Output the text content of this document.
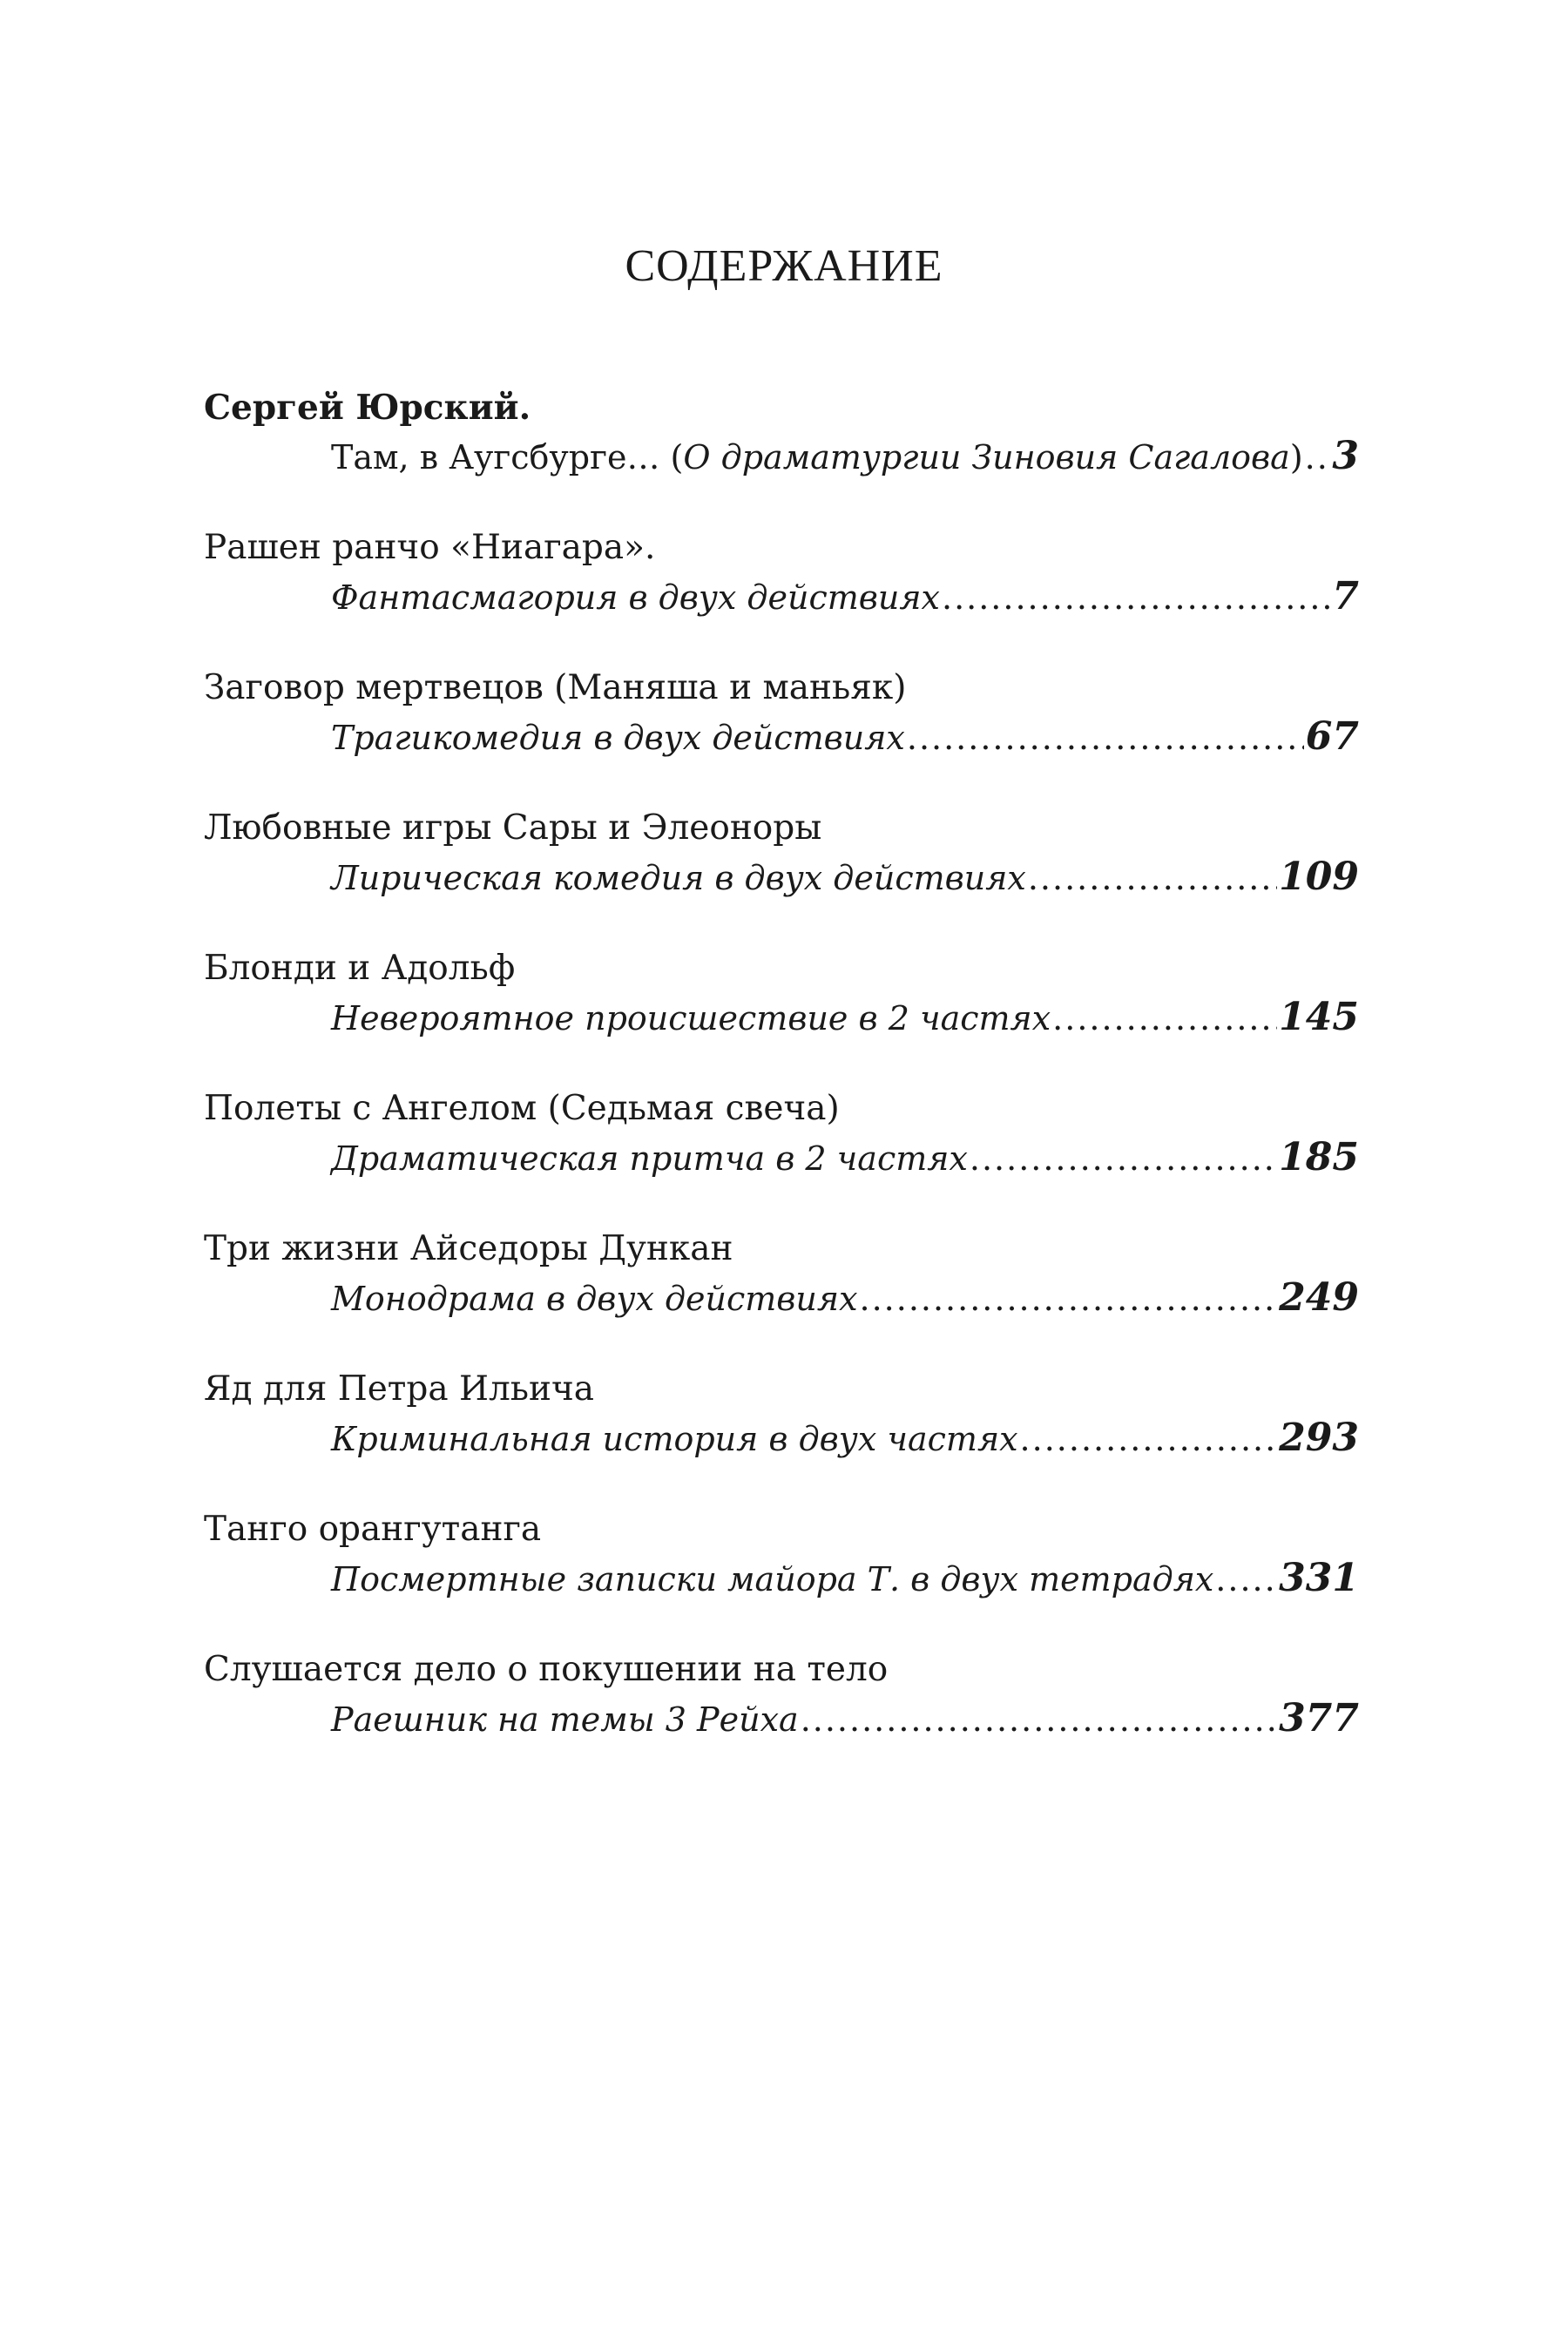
СОДЕРЖАНИЕ
Сергей Юрский.
Там, в Аугсбурге… (О драматургии Зиновия Сагалова) ..... 3
Рашен ранчо «Ниагара».
Фантасмагория в двух действиях .....	7
Заговор мертвецов (Маняша и маньяк)
Трагикомедия в двух действиях .....	67
Любовные игры Сары и Элеоноры
Лирическая комедия в двух действиях .....	109
Блонди и Адольф
Невероятное происшествие в 2 частях .....	145
Полеты с Ангелом (Седьмая свеча)
Драматическая притча в 2 частях .....	185
Три жизни Айседоры Дункан
Монодрама в двух действиях .....	249
Яд для Петра Ильича
Криминальная история в двух частях .....	293
Танго орангутанга
Посмертные записки майора Т. в двух тетрадях ..... 331
Слушается дело о покушении на тело
Раешник на темы 3 Рейха .....	377
